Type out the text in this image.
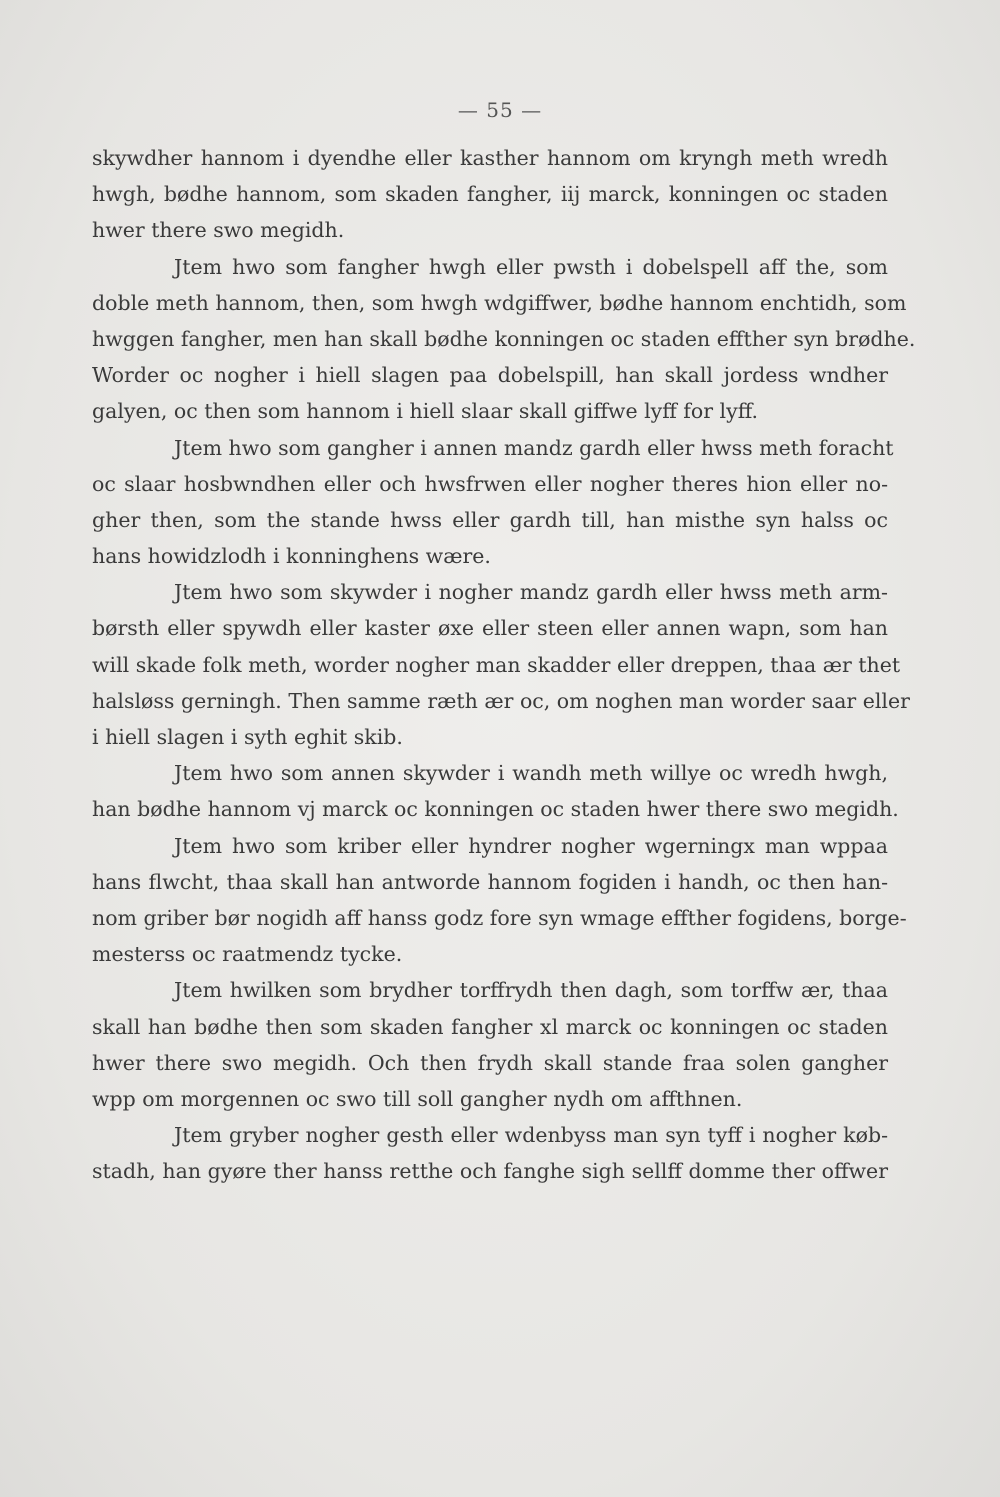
— 55 —
skywdher hannom i dyendhe eller kasther hannom om kryngh meth wredh
hwgh, bødhe hannom, som skaden fangher, iij marck, konningen oc staden
hwer there swo megidh.
Jtem hwo som fangher hwgh eller pwsth i dobelspell aff the, som
doble meth hannom, then, som hwgh wdgiffwer, bødhe hannom enchtidh, som
hwggen fangher, men han skall bødhe konningen oc staden effther syn brødhe.
Worder oc nogher i hiell slagen paa dobelspill, han skall jordess wndher
galyen, oc then som hannom i hiell slaar skall giffwe lyff for lyff.
Jtem hwo som gangher i annen mandz gardh eller hwss meth foracht
oc slaar hosbwndhen eller och hwsfrwen eller nogher theres hion eller no-
gher then, som the stande hwss eller gardh till, han misthe syn halss oc
hans howidzlodh i konninghens wære.
Jtem hwo som skywder i nogher mandz gardh eller hwss meth arm-
børsth eller spywdh eller kaster øxe eller steen eller annen wapn, som han
will skade folk meth, worder nogher man skadder eller dreppen, thaa ær thet
halsløss gerningh. Then samme ræth ær oc, om noghen man worder saar eller
i hiell slagen i syth eghit skib.
Jtem hwo som annen skywder i wandh meth willye oc wredh hwgh,
han bødhe hannom vj marck oc konningen oc staden hwer there swo megidh.
Jtem hwo som kriber eller hyndrer nogher wgerningx man wppaa
hans flwcht, thaa skall han antworde hannom fogiden i handh, oc then han-
nom griber bør nogidh aff hanss godz fore syn wmage effther fogidens, borge-
mesterss oc raatmendz tycke.
Jtem hwilken som brydher torffrydh then dagh, som torffw ær, thaa
skall han bødhe then som skaden fangher xl marck oc konningen oc staden
hwer there swo megidh. Och then frydh skall stande fraa solen gangher
wpp om morgennen oc swo till soll gangher nydh om affthnen.
Jtem gryber nogher gesth eller wdenbyss man syn tyff i nogher køb-
stadh, han gyøre ther hanss retthe och fanghe sigh sellff domme ther offwer
